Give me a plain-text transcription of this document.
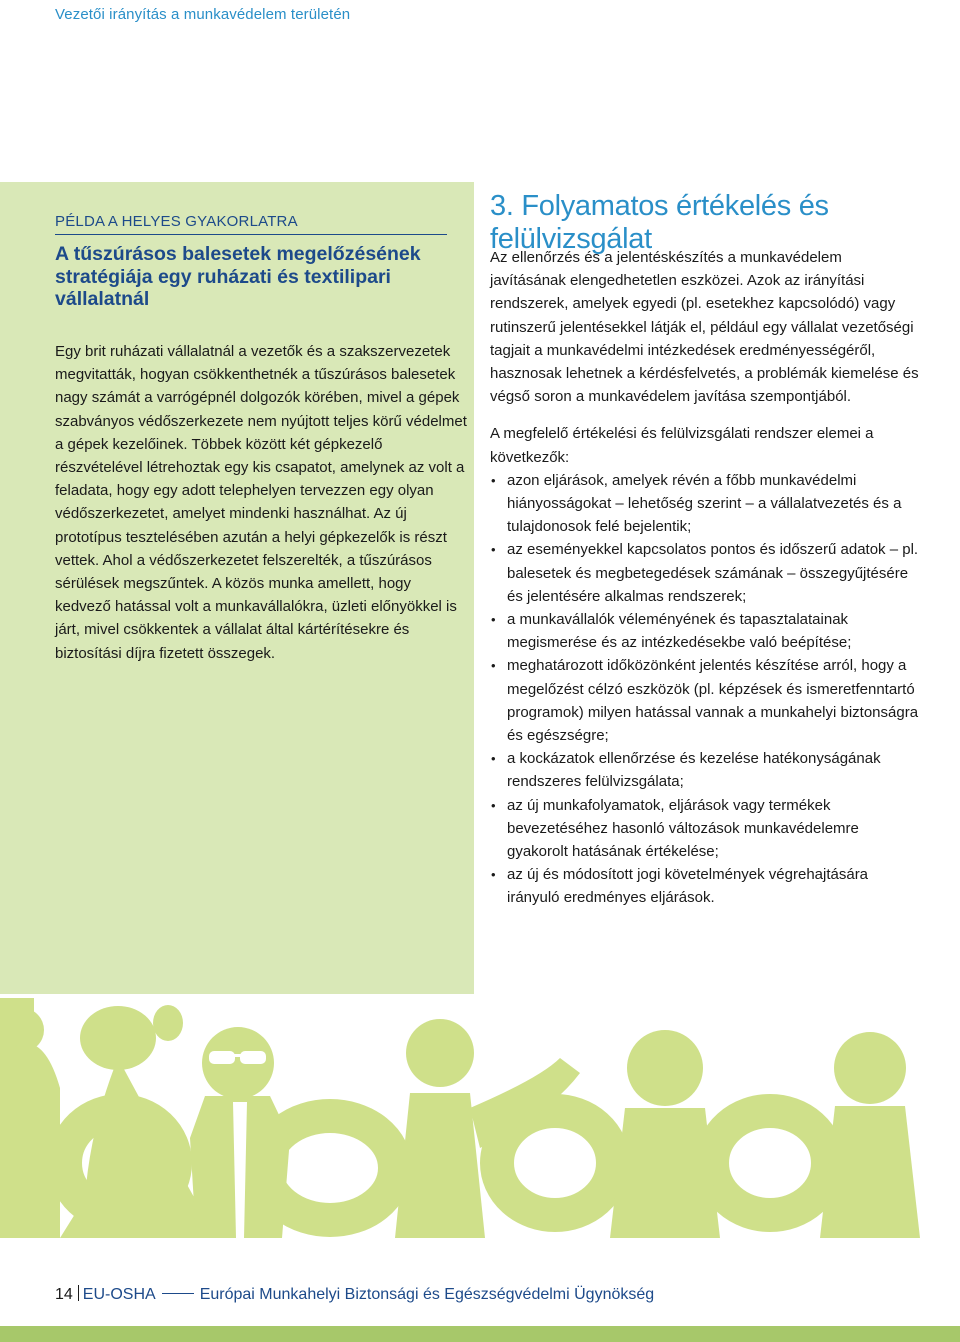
Vezetői irányítás a munkavédelem területén
PÉLDA A HELYES GYAKORLATRA
A tűszúrásos balesetek megelőzésének stratégiája egy ruházati és textilipari vállalatnál

Egy brit ruházati vállalatnál a vezetők és a szakszervezetek megvitatták, hogyan csökkenthetnék a tűszúrásos balesetek nagy számát a varrógépnél dolgozók körében, mivel a gépek szabványos védőszerkezete nem nyújtott teljes körű védelmet a gépek kezelőinek. Többek között két gépkezelő részvételével létrehoztak egy kis csapatot, amelynek az volt a feladata, hogy egy adott telephelyen tervezzen egy olyan védőszerkezetet, amelyet mindenki használhat. Az új prototípus tesztelésében azután a helyi gépkezelők is részt vettek. Ahol a védőszerkezetet felszerelték, a tűszúrásos sérülések megszűntek. A közös munka amellett, hogy kedvező hatással volt a munkavállalókra, üzleti előnyökkel is járt, mivel csökkentek a vállalat által kártérítésekre és biztosítási díjra fizetett összegek.

3. Folyamatos értékelés és felülvizsgálat

Az ellenőrzés és a jelentéskészítés a munkavédelem javításának elengedhetetlen eszközei. Azok az irányítási rendszerek, amelyek egyedi (pl. esetekhez kapcsolódó) vagy rutinszerű jelentésekkel látják el, például egy vállalat vezetőségi tagjait a munkavédelmi intézkedések eredményességéről, hasznosak lehetnek a kérdésfelvetés, a problémák kiemelése és végső soron a munkavédelem javítása szempontjából.

A megfelelő értékelési és felülvizsgálati rendszer elemei a következők:

• azon eljárások, amelyek révén a főbb munkavédelmi hiányosságokat – lehetőség szerint – a vállalatvezetés és a tulajdonosok felé bejelentik;
• az eseményekkel kapcsolatos pontos és időszerű adatok – pl. balesetek és megbetegedések számának – összegyűjtésére és jelentésére alkalmas rendszerek;
• a munkavállalók véleményének és tapasztalatainak megismerése és az intézkedésekbe való beépítése;
• meghatározott időközönként jelentés készítése arról, hogy a megelőzést célzó eszközök (pl. képzések és ismeretfenntartó programok) milyen hatással vannak a munkahelyi biztonságra és egészségre;
• a kockázatok ellenőrzése és kezelése hatékonyságának rendszeres felülvizsgálata;
• az új munkafolyamatok, eljárások vagy termékek bevezetéséhez hasonló változások munkavédelemre gyakorolt hatásának értékelése;
• az új és módosított jogi követelmények végrehajtására irányuló eredményes eljárások.
14 EU-OSHA	Európai Munkahelyi Biztonsági és Egészségvédelmi Ügynökség
